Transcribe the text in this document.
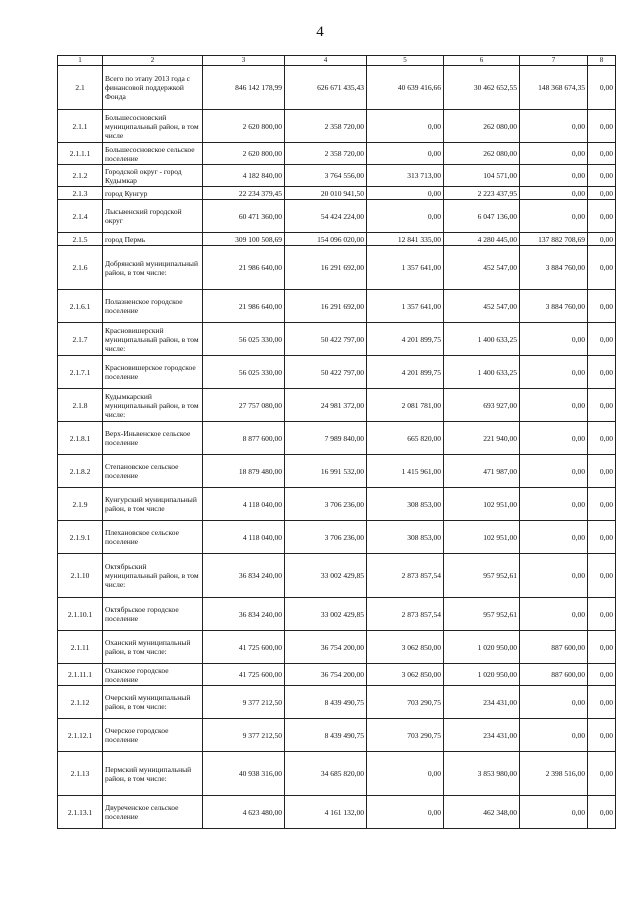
4
1	2	3	4	5	6	7	8
2.1	Всего по этапу 2013 года с финансовой поддержкой Фонда	846 142 178,99	626 671 435,43	40 639 416,66	30 462 652,55	148 368 674,35	0,00
2.1.1	Большесосновский муниципальный район, в том числе	2 620 800,00	2 358 720,00	0,00	262 080,00	0,00	0,00
2.1.1.1	Большесосновское сельское поселение	2 620 800,00	2 358 720,00	0,00	262 080,00	0,00	0,00
2.1.2	Городской округ - город Кудымкар	4 182 840,00	3 764 556,00	313 713,00	104 571,00	0,00	0,00
2.1.3	город Кунгур	22 234 379,45	20 010 941,50	0,00	2 223 437,95	0,00	0,00
2.1.4	Лысьвенский городской округ	60 471 360,00	54 424 224,00	0,00	6 047 136,00	0,00	0,00
2.1.5	город Пермь	309 100 508,69	154 096 020,00	12 841 335,00	4 280 445,00	137 882 708,69	0,00
2.1.6	Добрянский муниципальный район, в том числе:	21 986 640,00	16 291 692,00	1 357 641,00	452 547,00	3 884 760,00	0,00
2.1.6.1	Полазненское городское поселение	21 986 640,00	16 291 692,00	1 357 641,00	452 547,00	3 884 760,00	0,00
2.1.7	Красновишерский муниципальный район, в том числе:	56 025 330,00	50 422 797,00	4 201 899,75	1 400 633,25	0,00	0,00
2.1.7.1	Красновишерское городское поселение	56 025 330,00	50 422 797,00	4 201 899,75	1 400 633,25	0,00	0,00
2.1.8	Кудымкарский муниципальный район, в том числе:	27 757 080,00	24 981 372,00	2 081 781,00	693 927,00	0,00	0,00
2.1.8.1	Верх-Иньвенское сельское поселение	8 877 600,00	7 989 840,00	665 820,00	221 940,00	0,00	0,00
2.1.8.2	Степановское сельское поселение	18 879 480,00	16 991 532,00	1 415 961,00	471 987,00	0,00	0,00
2.1.9	Кунгурский муниципальный район, в том числе	4 118 040,00	3 706 236,00	308 853,00	102 951,00	0,00	0,00
2.1.9.1	Плехановское сельское поселение	4 118 040,00	3 706 236,00	308 853,00	102 951,00	0,00	0,00
2.1.10	Октябрьский муниципальный район, в том числе:	36 834 240,00	33 002 429,85	2 873 857,54	957 952,61	0,00	0,00
2.1.10.1	Октябрьское городское поселение	36 834 240,00	33 002 429,85	2 873 857,54	957 952,61	0,00	0,00
2.1.11	Оханский муниципальный район, в том числе:	41 725 600,00	36 754 200,00	3 062 850,00	1 020 950,00	887 600,00	0,00
2.1.11.1	Оханское городское поселение	41 725 600,00	36 754 200,00	3 062 850,00	1 020 950,00	887 600,00	0,00
2.1.12	Очерский муниципальный район, в том числе:	9 377 212,50	8 439 490,75	703 290,75	234 431,00	0,00	0,00
2.1.12.1	Очерское городское поселение	9 377 212,50	8 439 490,75	703 290,75	234 431,00	0,00	0,00
2.1.13	Пермский муниципальный район, в том числе:	40 938 316,00	34 685 820,00	0,00	3 853 980,00	2 398 516,00	0,00
2.1.13.1	Двуреченское сельское поселение	4 623 480,00	4 161 132,00	0,00	462 348,00	0,00	0,00
